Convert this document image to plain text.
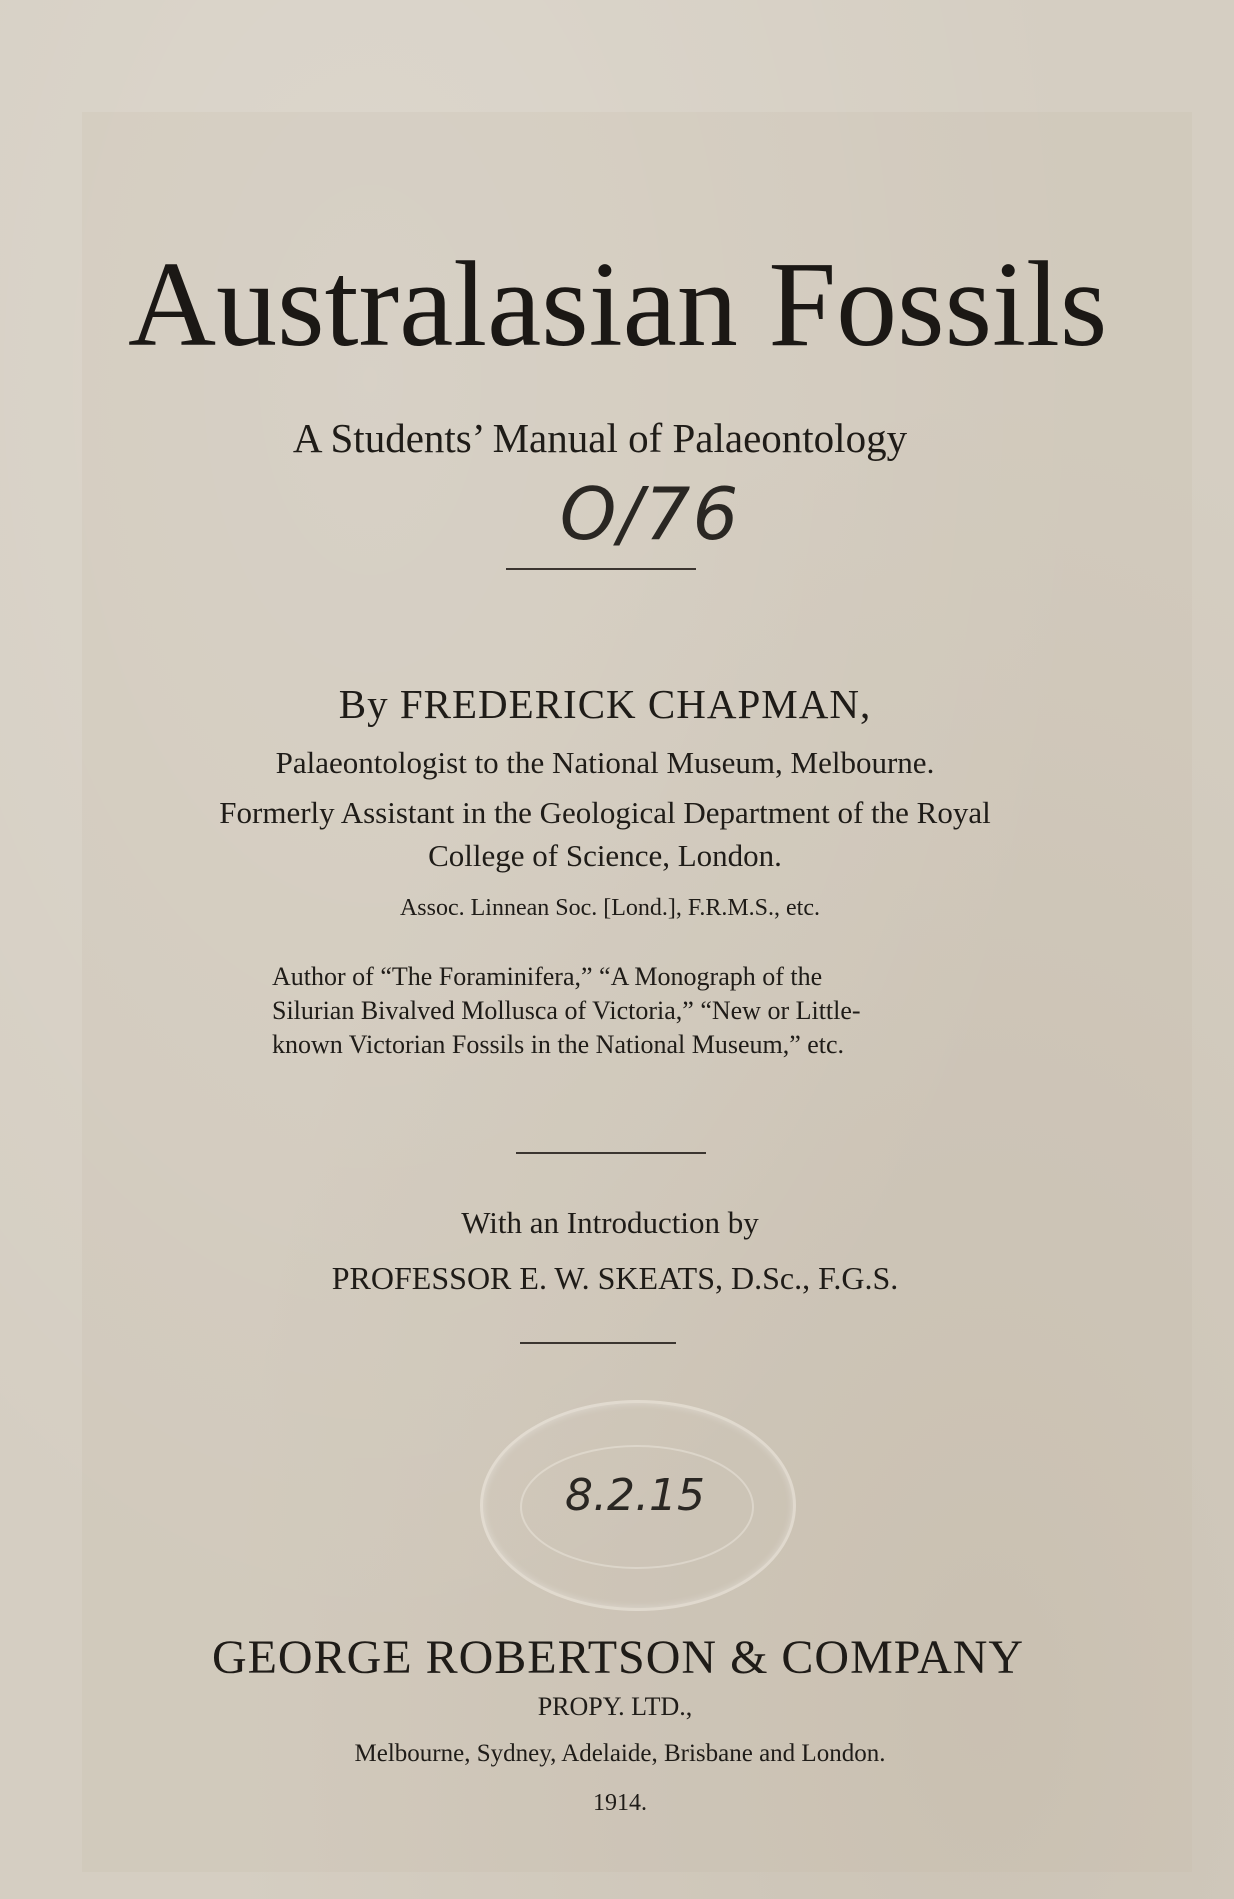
Australasian Fossils
A Students’ Manual of Palaeontology
O/76
By FREDERICK CHAPMAN,
Palaeontologist to the National Museum, Melbourne.
Formerly Assistant in the Geological Department of the Royal
College of Science, London.
Assoc. Linnean Soc. [Lond.], F.R.M.S., etc.
Author of “The Foraminifera,” “A Monograph of the
Silurian Bivalved Mollusca of Victoria,” “New or Little-
known Victorian Fossils in the National Museum,” etc.
With an Introduction by
PROFESSOR E. W. SKEATS, D.Sc., F.G.S.
8.2.15
GEORGE ROBERTSON & COMPANY
PROPY. LTD.,
Melbourne, Sydney, Adelaide, Brisbane and London.
1914.
